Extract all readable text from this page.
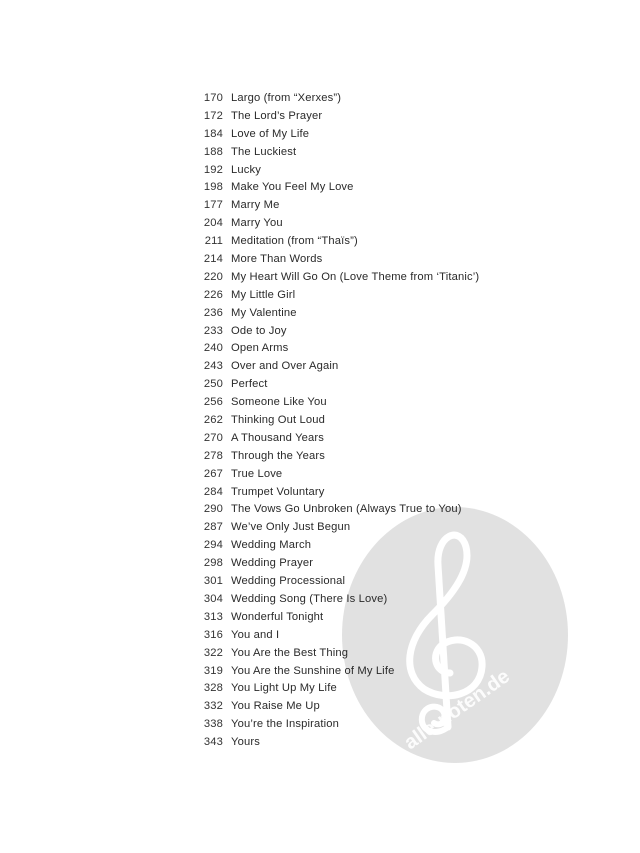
alle-noten.de
170 Largo (from “Xerxes”)
172 The Lord’s Prayer
184 Love of My Life
188 The Luckiest
192 Lucky
198 Make You Feel My Love
177 Marry Me
204 Marry You
211 Meditation (from “Thaïs”)
214 More Than Words
220 My Heart Will Go On (Love Theme from ‘Titanic’)
226 My Little Girl
236 My Valentine
233 Ode to Joy
240 Open Arms
243 Over and Over Again
250 Perfect
256 Someone Like You
262 Thinking Out Loud
270 A Thousand Years
278 Through the Years
267 True Love
284 Trumpet Voluntary
290 The Vows Go Unbroken (Always True to You)
287 We’ve Only Just Begun
294 Wedding March
298 Wedding Prayer
301 Wedding Processional
304 Wedding Song (There Is Love)
313 Wonderful Tonight
316 You and I
322 You Are the Best Thing
319 You Are the Sunshine of My Life
328 You Light Up My Life
332 You Raise Me Up
338 You’re the Inspiration
343 Yours
